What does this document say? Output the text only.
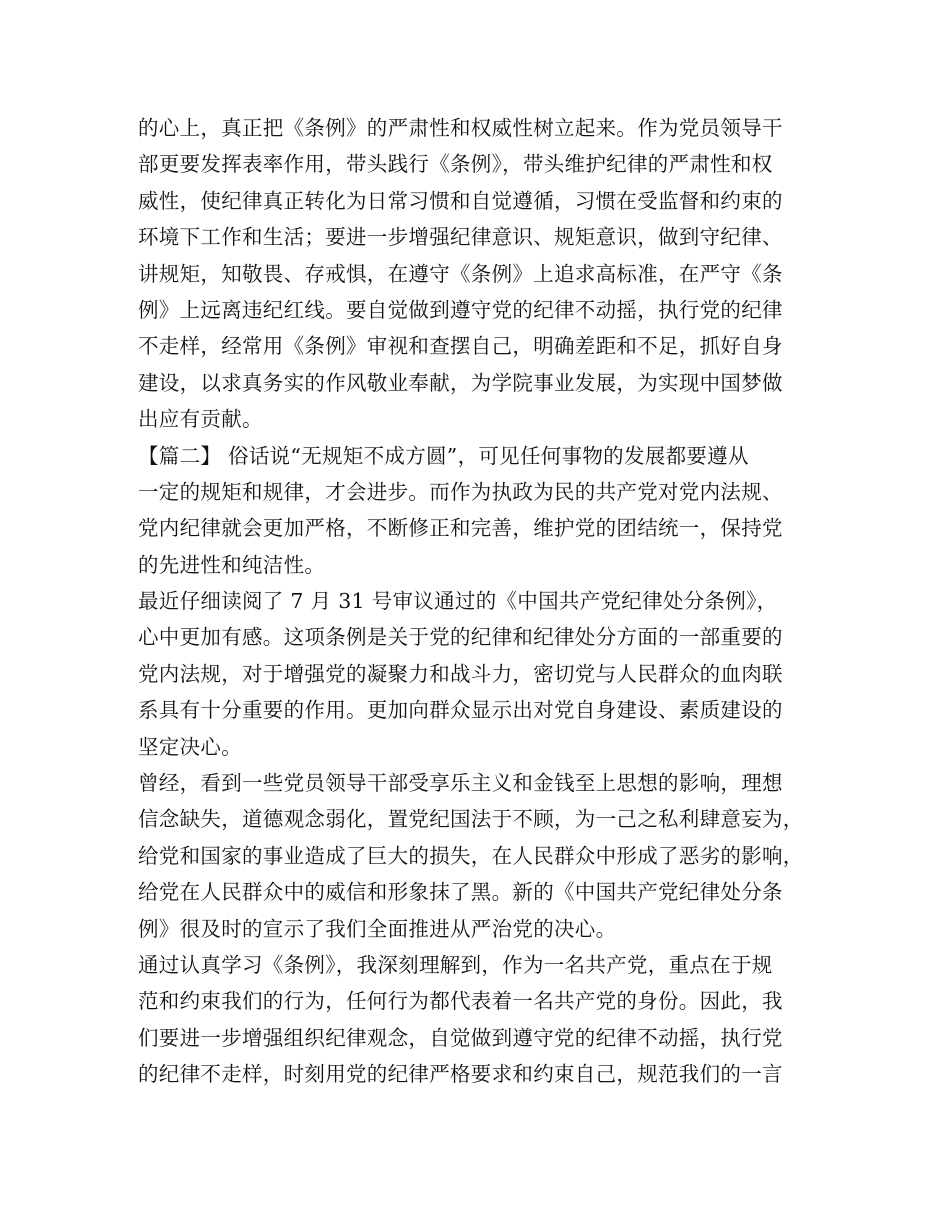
的心上，真正把《条例》的严肃性和权威性树立起来。作为党员领导干
部更要发挥表率作用，带头践行《条例》，带头维护纪律的严肃性和权
威性，使纪律真正转化为日常习惯和自觉遵循，习惯在受监督和约束的
环境下工作和生活；要进一步增强纪律意识、规矩意识，做到守纪律、
讲规矩，知敬畏、存戒惧，在遵守《条例》上追求高标准，在严守《条
例》上远离违纪红线。要自觉做到遵守党的纪律不动摇，执行党的纪律
不走样，经常用《条例》审视和查摆自己，明确差距和不足，抓好自身
建设，以求真务实的作风敬业奉献，为学院事业发展，为实现中国梦做
出应有贡献。
【篇二】 俗话说“无规矩不成方圆”，可见任何事物的发展都要遵从
一定的规矩和规律，才会进步。而作为执政为民的共产党对党内法规、
党内纪律就会更加严格，不断修正和完善，维护党的团结统一，保持党
的先进性和纯洁性。
最近仔细读阅了 7 月 31 号审议通过的《中国共产党纪律处分条例》，
心中更加有感。这项条例是关于党的纪律和纪律处分方面的一部重要的
党内法规，对于增强党的凝聚力和战斗力，密切党与人民群众的血肉联
系具有十分重要的作用。更加向群众显示出对党自身建设、素质建设的
坚定决心。
曾经，看到一些党员领导干部受享乐主义和金钱至上思想的影响，理想
信念缺失，道德观念弱化，置党纪国法于不顾，为一己之私利肆意妄为，
给党和国家的事业造成了巨大的损失，在人民群众中形成了恶劣的影响，
给党在人民群众中的威信和形象抹了黑。新的《中国共产党纪律处分条
例》很及时的宣示了我们全面推进从严治党的决心。
通过认真学习《条例》，我深刻理解到，作为一名共产党，重点在于规
范和约束我们的行为，任何行为都代表着一名共产党的身份。因此，我
们要进一步增强组织纪律观念，自觉做到遵守党的纪律不动摇，执行党
的纪律不走样，时刻用党的纪律严格要求和约束自己，规范我们的一言
